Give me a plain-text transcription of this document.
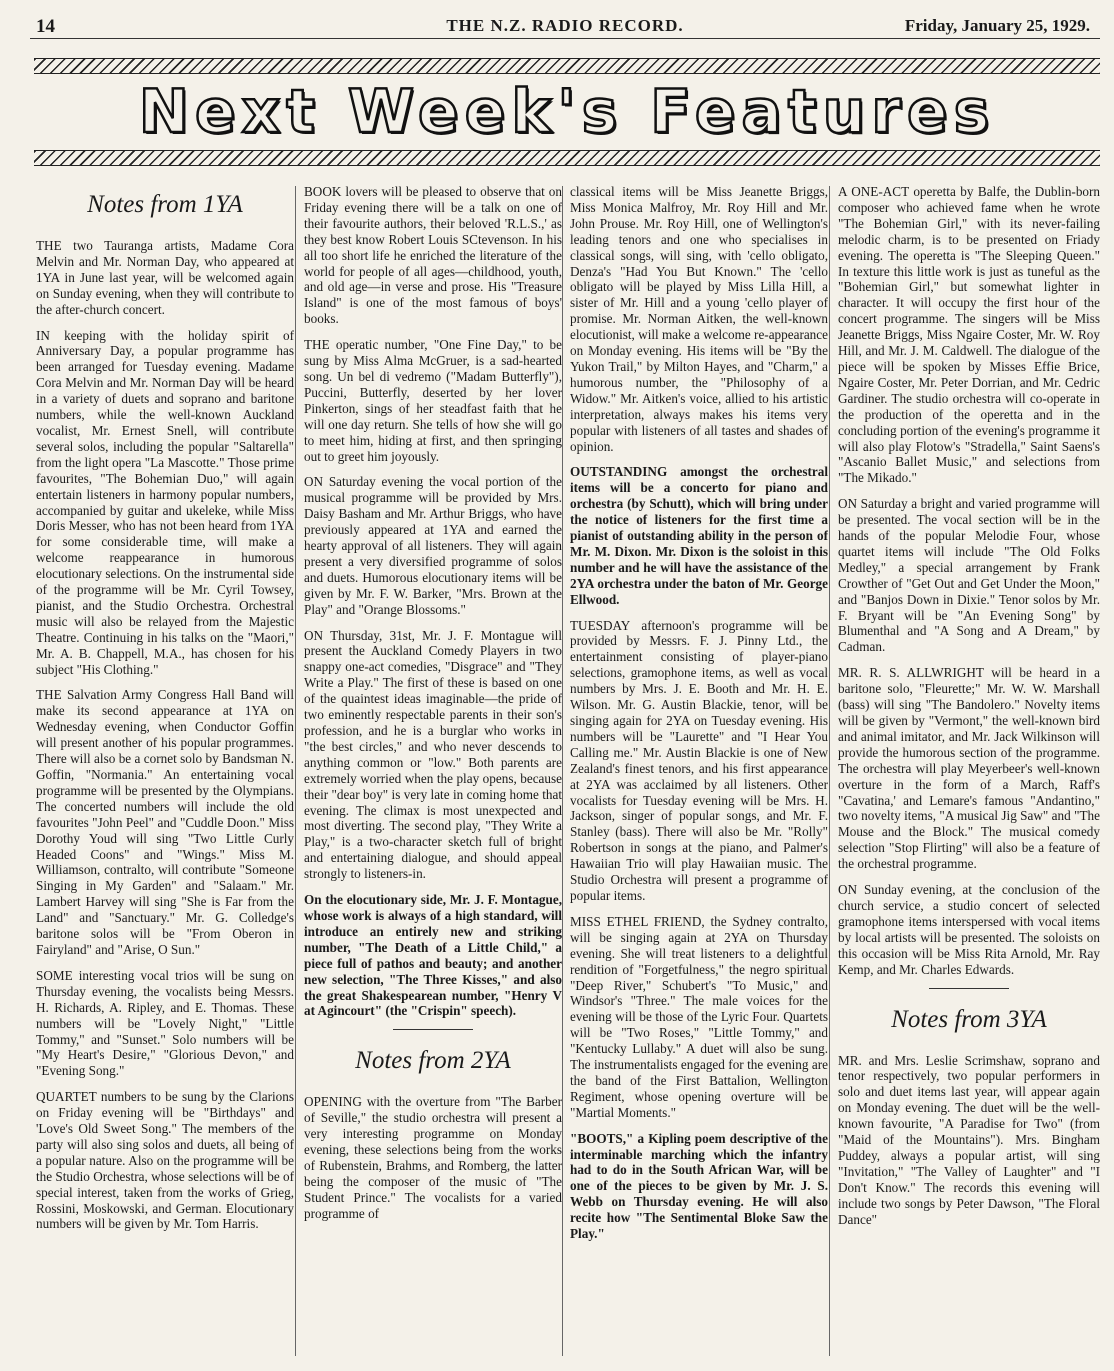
14	THE N.Z. RADIO RECORD.	Friday, January 25, 1929.
Next Week's Features
Notes from 1YA

THE two Tauranga artists, Madame Cora Melvin and Mr. Norman Day, who appeared at 1YA in June last year, will be welcomed again on Sunday evening, when they will contribute to the after-church concert.

IN keeping with the holiday spirit of Anniversary Day, a popular programme has been arranged for Tuesday evening. Madame Cora Melvin and Mr. Norman Day will be heard in a variety of duets and soprano and baritone numbers, while the well-known Auckland vocalist, Mr. Ernest Snell, will contribute several solos, including the popular "Saltarella" from the light opera "La Mascotte." Those prime favourites, "The Bohemian Duo," will again entertain listeners in harmony popular numbers, accompanied by guitar and ukeleke, while Miss Doris Messer, who has not been heard from 1YA for some considerable time, will make a welcome reappearance in humorous elocutionary selections. On the instrumental side of the programme will be Mr. Cyril Towsey, pianist, and the Studio Orchestra. Orchestral music will also be relayed from the Majestic Theatre. Continuing in his talks on the "Maori," Mr. A. B. Chappell, M.A., has chosen for his subject "His Clothing."

THE Salvation Army Congress Hall Band will make its second appearance at 1YA on Wednesday evening, when Conductor Goffin will present another of his popular programmes. There will also be a cornet solo by Bandsman N. Goffin, "Normania." An entertaining vocal programme will be presented by the Olympians. The concerted numbers will include the old favourites "John Peel" and "Cuddle Doon." Miss Dorothy Youd will sing "Two Little Curly Headed Coons" and "Wings." Miss M. Williamson, contralto, will contribute "Someone Singing in My Garden" and "Salaam." Mr. Lambert Harvey will sing "She is Far from the Land" and "Sanctuary." Mr. G. Colledge's baritone solos will be "From Oberon in Fairyland" and "Arise, O Sun."

SOME interesting vocal trios will be sung on Thursday evening, the vocalists being Messrs. H. Richards, A. Ripley, and E. Thomas. These numbers will be "Lovely Night," "Little Tommy," and "Sunset." Solo numbers will be "My Heart's Desire," "Glorious Devon," and "Evening Song."

QUARTET numbers to be sung by the Clarions on Friday evening will be "Birthdays" and 'Love's Old Sweet Song." The members of the party will also sing solos and duets, all being of a popular nature. Also on the programme will be the Studio Orchestra, whose selections will be of special interest, taken from the works of Grieg, Rossini, Moskowski, and German. Elocutionary numbers will be given by Mr. Tom Harris.

BOOK lovers will be pleased to observe that on Friday evening there will be a talk on one of their favourite authors, their beloved 'R.L.S.,' as they best know Robert Louis SCtevenson. In his all too short life he enriched the literature of the world for people of all ages—childhood, youth, and old age—in verse and prose. His "Treasure Island" is one of the most famous of boys' books.

THE operatic number, "One Fine Day," to be sung by Miss Alma McGruer, is a sad-hearted song. Un bel di vedremo ("Madam Butterfly"), Puccini, Butterfly, deserted by her lover Pinkerton, sings of her steadfast faith that he will one day return. She tells of how she will go to meet him, hiding at first, and then springing out to greet him joyously.

ON Saturday evening the vocal portion of the musical programme will be provided by Mrs. Daisy Basham and Mr. Arthur Briggs, who have previously appeared at 1YA and earned the hearty approval of all listeners. They will again present a very diversified programme of solos and duets. Humorous elocutionary items will be given by Mr. F. W. Barker, "Mrs. Brown at the Play" and "Orange Blossoms."

ON Thursday, 31st, Mr. J. F. Montague will present the Auckland Comedy Players in two snappy one-act comedies, "Disgrace" and "They Write a Play." The first of these is based on one of the quaintest ideas imaginable—the pride of two eminently respectable parents in their son's profession, and he is a burglar who works in "the best circles," and who never descends to anything common or "low." Both parents are extremely worried when the play opens, because their "dear boy" is very late in coming home that evening. The climax is most unexpected and most diverting. The second play, "They Write a Play," is a two-character sketch full of bright and entertaining dialogue, and should appeal strongly to listeners-in.

On the elocutionary side, Mr. J. F. Montague, whose work is always of a high standard, will introduce an entirely new and striking number, "The Death of a Little Child," a piece full of pathos and beauty; and another new selection, "The Three Kisses," and also the great Shakespearean number, "Henry V at Agincourt" (the "Crispin" speech).

Notes from 2YA

OPENING with the overture from "The Barber of Seville," the studio orchestra will present a very interesting programme on Monday evening, these selections being from the works of Rubenstein, Brahms, and Romberg, the latter being the composer of the music of "The Student Prince." The vocalists for a varied programme of

classical items will be Miss Jeanette Briggs, Miss Monica Malfroy, Mr. Roy Hill and Mr. John Prouse. Mr. Roy Hill, one of Wellington's leading tenors and one who specialises in classical songs, will sing, with 'cello obligato, Denza's "Had You But Known." The 'cello obligato will be played by Miss Lilla Hill, a sister of Mr. Hill and a young 'cello player of promise. Mr. Norman Aitken, the well-known elocutionist, will make a welcome re-appearance on Monday evening. His items will be "By the Yukon Trail," by Milton Hayes, and "Charm," a humorous number, the "Philosophy of a Widow." Mr. Aitken's voice, allied to his artistic interpretation, always makes his items very popular with listeners of all tastes and shades of opinion.

OUTSTANDING amongst the orchestral items will be a concerto for piano and orchestra (by Schutt), which will bring under the notice of listeners for the first time a pianist of outstanding ability in the person of Mr. M. Dixon. Mr. Dixon is the soloist in this number and he will have the assistance of the 2YA orchestra under the baton of Mr. George Ellwood.

TUESDAY afternoon's programme will be provided by Messrs. F. J. Pinny Ltd., the entertainment consisting of player-piano selections, gramophone items, as well as vocal numbers by Mrs. J. E. Booth and Mr. H. E. Wilson. Mr. G. Austin Blackie, tenor, will be singing again for 2YA on Tuesday evening. His numbers will be "Laurette" and "I Hear You Calling me." Mr. Austin Blackie is one of New Zealand's finest tenors, and his first appearance at 2YA was acclaimed by all listeners. Other vocalists for Tuesday evening will be Mrs. H. Jackson, singer of popular songs, and Mr. F. Stanley (bass). There will also be Mr. "Rolly" Robertson in songs at the piano, and Palmer's Hawaiian Trio will play Hawaiian music. The Studio Orchestra will present a programme of popular items.

MISS ETHEL FRIEND, the Sydney contralto, will be singing again at 2YA on Thursday evening. She will treat listeners to a delightful rendition of "Forgetfulness," the negro spiritual "Deep River," Schubert's "To Music," and Windsor's "Three." The male voices for the evening will be those of the Lyric Four. Quartets will be "Two Roses," "Little Tommy," and "Kentucky Lullaby." A duet will also be sung. The instrumentalists engaged for the evening are the band of the First Battalion, Wellington Regiment, whose opening overture will be "Martial Moments."

"BOOTS," a Kipling poem descriptive of the interminable marching which the infantry had to do in the South African War, will be one of the pieces to be given by Mr. J. S. Webb on Thursday evening. He will also recite how "The Sentimental Bloke Saw the Play."

A ONE-ACT operetta by Balfe, the Dublin-born composer who achieved fame when he wrote "The Bohemian Girl," with its never-failing melodic charm, is to be presented on Friady evening. The operetta is "The Sleeping Queen." In texture this little work is just as tuneful as the "Bohemian Girl," but somewhat lighter in character. It will occupy the first hour of the concert programme. The singers will be Miss Jeanette Briggs, Miss Ngaire Coster, Mr. W. Roy Hill, and Mr. J. M. Caldwell. The dialogue of the piece will be spoken by Misses Effie Brice, Ngaire Coster, Mr. Peter Dorrian, and Mr. Cedric Gardiner. The studio orchestra will co-operate in the production of the operetta and in the concluding portion of the evening's programme it will also play Flotow's "Stradella," Saint Saens's "Ascanio Ballet Music," and selections from "The Mikado."

ON Saturday a bright and varied programme will be presented. The vocal section will be in the hands of the popular Melodie Four, whose quartet items will include "The Old Folks Medley," a special arrangement by Frank Crowther of "Get Out and Get Under the Moon," and "Banjos Down in Dixie." Tenor solos by Mr. F. Bryant will be "An Evening Song" by Blumenthal and "A Song and A Dream," by Cadman.

MR. R. S. ALLWRIGHT will be heard in a baritone solo, "Fleurette;" Mr. W. W. Marshall (bass) will sing "The Bandolero." Novelty items will be given by "Vermont," the well-known bird and animal imitator, and Mr. Jack Wilkinson will provide the humorous section of the programme. The orchestra will play Meyerbeer's well-known overture in the form of a March, Raff's "Cavatina,' and Lemare's famous "Andantino," two novelty items, "A musical Jig Saw" and "The Mouse and the Block." The musical comedy selection "Stop Flirting" will also be a feature of the orchestral programme.

ON Sunday evening, at the conclusion of the church service, a studio concert of selected gramophone items interspersed with vocal items by local artists will be presented. The soloists on this occasion will be Miss Rita Arnold, Mr. Ray Kemp, and Mr. Charles Edwards.

Notes from 3YA

MR. and Mrs. Leslie Scrimshaw, soprano and tenor respectively, two popular performers in solo and duet items last year, will appear again on Monday evening. The duet will be the well-known favourite, "A Paradise for Two" (from "Maid of the Mountains"). Mrs. Bingham Puddey, always a popular artist, will sing "Invitation," "The Valley of Laughter" and "I Don't Know." The records this evening will include two songs by Peter Dawson, "The Floral Dance"
